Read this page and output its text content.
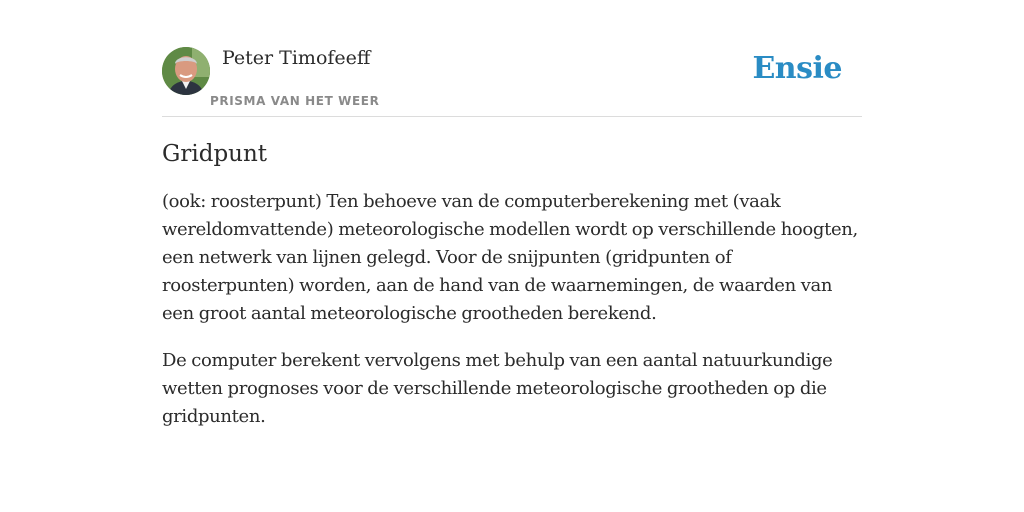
Peter Timofeeff
PRISMA VAN HET WEER
Ensie
Gridpunt

(ook: roosterpunt) Ten behoeve van de computerberekening met (vaak wereldomvattende) meteorologische modellen wordt op verschillende hoogten, een netwerk van lijnen gelegd. Voor de snijpunten (gridpunten of roosterpunten) worden, aan de hand van de waarnemingen, de waarden van een groot aantal meteorologische grootheden berekend.

De computer berekent vervolgens met behulp van een aantal natuurkundige wetten prognoses voor de verschillende meteorologische grootheden op die gridpunten.
